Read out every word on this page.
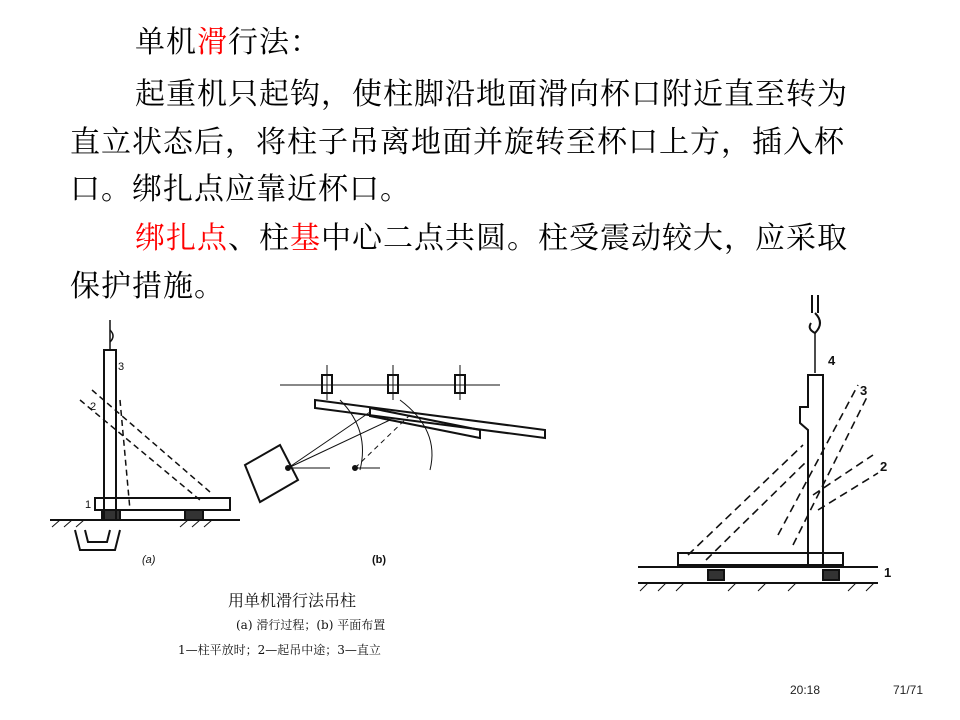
单机滑行法：
起重机只起钩，使柱脚沿地面滑向杯口附近直至转为
直立状态后，将柱子吊离地面并旋转至杯口上方，插入杯
口。绑扎点应靠近杯口。
绑扎点、柱基中心二点共圆。柱受震动较大，应采取
保护措施。
1
2
3
(a)	(b)
用单机滑行法吊柱
(a) 滑行过程；(b) 平面布置
1—柱平放时；2—起吊中途；3—直立
4
3
2
1
20:18	71/71
